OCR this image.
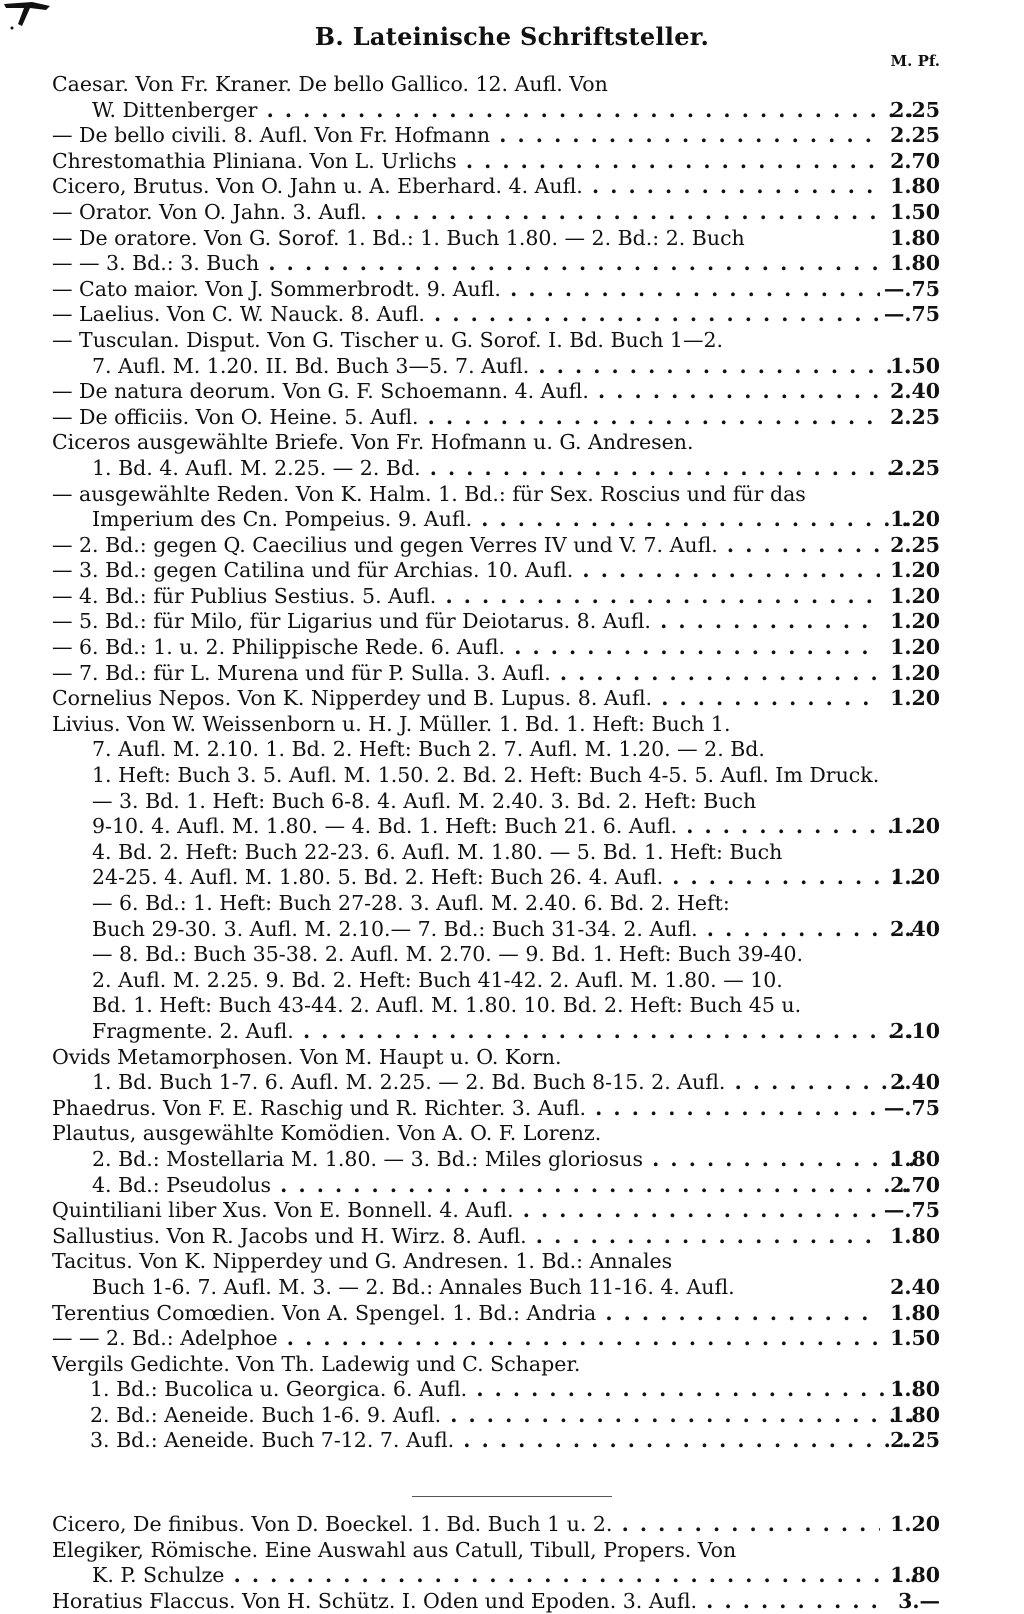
B. Lateinische Schriftsteller.
M. Pf.
Caesar. Von Fr. Kraner. De bello Gallico. 12. Aufl. Von
W. Dittenberger . . .	2.25
— De bello civili. 8. Aufl. Von Fr. Hofmann . . .	2.25
Chrestomathia Pliniana. Von L. Urlichs . . .	2.70
Cicero, Brutus. Von O. Jahn u. A. Eberhard. 4. Aufl. . . .	1.80
— Orator. Von O. Jahn. 3. Aufl. . . .	1.50
— De oratore. Von G. Sorof. 1. Bd.: 1. Buch 1.80. — 2. Bd.: 2. Buch	1.80
— — 3. Bd.: 3. Buch . . .	1.80
— Cato maior. Von J. Sommerbrodt. 9. Aufl. . . .	—.75
— Laelius. Von C. W. Nauck. 8. Aufl. . . .	—.75
— Tusculan. Disput. Von G. Tischer u. G. Sorof. I. Bd. Buch 1—2.
7. Aufl. M. 1.20. II. Bd. Buch 3—5. 7. Aufl. . . .	1.50
— De natura deorum. Von G. F. Schoemann. 4. Aufl. . . .	2.40
— De officiis. Von O. Heine. 5. Aufl. . . .	2.25
Ciceros ausgewählte Briefe. Von Fr. Hofmann u. G. Andresen.
1. Bd. 4. Aufl. M. 2.25. — 2. Bd. . . .	2.25
— ausgewählte Reden. Von K. Halm. 1. Bd.: für Sex. Roscius und für das
Imperium des Cn. Pompeius. 9. Aufl. . . .	1.20
— 2. Bd.: gegen Q. Caecilius und gegen Verres IV und V. 7. Aufl. . . .	2.25
— 3. Bd.: gegen Catilina und für Archias. 10. Aufl. . . .	1.20
— 4. Bd.: für Publius Sestius. 5. Aufl. . . .	1.20
— 5. Bd.: für Milo, für Ligarius und für Deiotarus. 8. Aufl. . . .	1.20
— 6. Bd.: 1. u. 2. Philippische Rede. 6. Aufl. . . .	1.20
— 7. Bd.: für L. Murena und für P. Sulla. 3. Aufl. . . .	1.20
Cornelius Nepos. Von K. Nipperdey und B. Lupus. 8. Aufl. . . .	1.20
Livius. Von W. Weissenborn u. H. J. Müller. 1. Bd. 1. Heft: Buch 1.
7. Aufl. M. 2.10. 1. Bd. 2. Heft: Buch 2. 7. Aufl. M. 1.20. — 2. Bd.
1. Heft: Buch 3. 5. Aufl. M. 1.50. 2. Bd. 2. Heft: Buch 4-5. 5. Aufl. Im Druck.
— 3. Bd. 1. Heft: Buch 6-8. 4. Aufl. M. 2.40. 3. Bd. 2. Heft: Buch
9-10. 4. Aufl. M. 1.80. — 4. Bd. 1. Heft: Buch 21. 6. Aufl. . . .	1.20
4. Bd. 2. Heft: Buch 22-23. 6. Aufl. M. 1.80. — 5. Bd. 1. Heft: Buch
24-25. 4. Aufl. M. 1.80. 5. Bd. 2. Heft: Buch 26. 4. Aufl. . . .	1.20
— 6. Bd.: 1. Heft: Buch 27-28. 3. Aufl. M. 2.40. 6. Bd. 2. Heft:
Buch 29-30. 3. Aufl. M. 2.10.— 7. Bd.: Buch 31-34. 2. Aufl. . . .	2.40
— 8. Bd.: Buch 35-38. 2. Aufl. M. 2.70. — 9. Bd. 1. Heft: Buch 39-40.
2. Aufl. M. 2.25. 9. Bd. 2. Heft: Buch 41-42. 2. Aufl. M. 1.80. — 10.
Bd. 1. Heft: Buch 43-44. 2. Aufl. M. 1.80. 10. Bd. 2. Heft: Buch 45 u.
Fragmente. 2. Aufl. . . .	2.10
Ovids Metamorphosen. Von M. Haupt u. O. Korn.
1. Bd. Buch 1-7. 6. Aufl. M. 2.25. — 2. Bd. Buch 8-15. 2. Aufl. . . .	2.40
Phaedrus. Von F. E. Raschig und R. Richter. 3. Aufl. . . .	—.75
Plautus, ausgewählte Komödien. Von A. O. F. Lorenz.
2. Bd.: Mostellaria M. 1.80. — 3. Bd.: Miles gloriosus . . .	1.80
4. Bd.: Pseudolus . . .	2.70
Quintiliani liber Xus. Von E. Bonnell. 4. Aufl. . . .	—.75
Sallustius. Von R. Jacobs und H. Wirz. 8. Aufl. . . .	1.80
Tacitus. Von K. Nipperdey und G. Andresen. 1. Bd.: Annales
Buch 1-6. 7. Aufl. M. 3. — 2. Bd.: Annales Buch 11-16. 4. Aufl.	2.40
Terentius Comœdien. Von A. Spengel. 1. Bd.: Andria . . .	1.80
— — 2. Bd.: Adelphoe . . .	1.50
Vergils Gedichte. Von Th. Ladewig und C. Schaper.
1. Bd.: Bucolica u. Georgica. 6. Aufl. . . .	1.80
2. Bd.: Aeneide. Buch 1-6. 9. Aufl. . . .	1.80
3. Bd.: Aeneide. Buch 7-12. 7. Aufl. . . .	2.25
Cicero, De finibus. Von D. Boeckel. 1. Bd. Buch 1 u. 2. . . .	1.20
Elegiker, Römische. Eine Auswahl aus Catull, Tibull, Propers. Von
K. P. Schulze . . .	1.80
Horatius Flaccus. Von H. Schütz. I. Oden und Epoden. 3. Aufl. . . .	3.—
